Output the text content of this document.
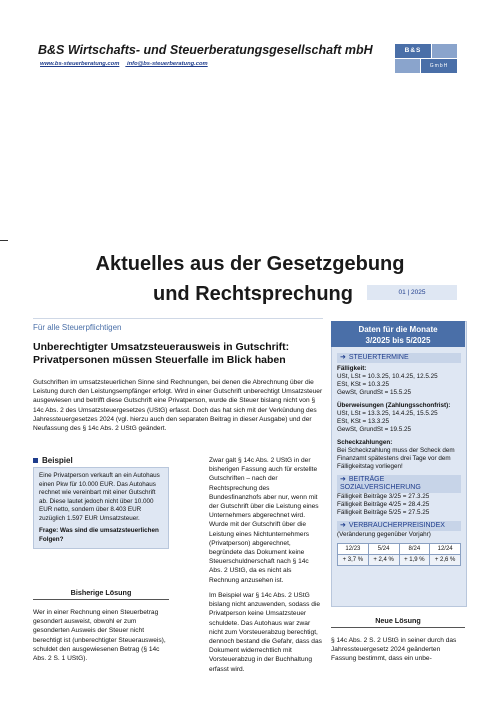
B&S Wirtschafts- und Steuerberatungsgesellschaft mbH
www.bs-steuerberatung.com info@bs-steuerberatung.com
B&S
GmbH
Aktuelles aus der Gesetzgebung
und Rechtsprechung	01 | 2025
Für alle Steuerpflichtigen
Unberechtigter Umsatzsteuerausweis in Gutschrift: Privatpersonen müssen Steuerfalle im Blick haben
Gutschriften im umsatzsteuerlichen Sinne sind Rechnungen, bei denen die Abrechnung über die Leistung durch den Leistungsempfänger erfolgt. Wird in einer Gutschrift unberechtigt Umsatzsteuer ausgewiesen und betrifft diese Gutschrift eine Privatperson, wurde die Steuer bislang nicht von § 14c Abs. 2 des Umsatzsteuergesetzes (UStG) erfasst. Doch das hat sich mit der Verkündung des Jahressteuergesetzes 2024 (vgl. hierzu auch den separaten Beitrag in dieser Ausgabe) und der Neufassung des § 14c Abs. 2 UStG geändert.
Beispiel
Eine Privatperson verkauft an ein Autohaus einen Pkw für 10.000 EUR. Das Autohaus rechnet wie vereinbart mit einer Gutschrift ab. Diese lautet jedoch nicht über 10.000 EUR netto, sondern über 8.403 EUR zuzüglich 1.597 EUR Umsatzsteuer.
Frage: Was sind die umsatzsteuerlichen Folgen?
Bisherige Lösung
Wer in einer Rechnung einen Steuerbetrag gesondert ausweist, obwohl er zum gesonderten Ausweis der Steuer nicht berechtigt ist (unberechtigter Steuerausweis), schuldet den ausgewiesenen Betrag (§ 14c Abs. 2 S. 1 UStG).
Zwar galt § 14c Abs. 2 UStG in der bisherigen Fassung auch für erstellte Gutschriften – nach der Rechtsprechung des Bundesfinanzhofs aber nur, wenn mit der Gutschrift über die Leistung eines Unternehmers abgerechnet wird. Wurde mit der Gutschrift über die Leistung eines Nichtunternehmers (Privatperson) abgerechnet, begründete das Dokument keine Steuerschuldnerschaft nach § 14c Abs. 2 UStG, da es nicht als Rechnung anzusehen ist.
Im Beispiel war § 14c Abs. 2 UStG bislang nicht anzuwenden, sodass die Privatperson keine Umsatzsteuer schuldete. Das Autohaus war zwar nicht zum Vorsteuerabzug berechtigt, dennoch bestand die Gefahr, dass das Dokument widerrechtlich mit Vorsteuerabzug in der Buchhaltung erfasst wird.
Daten für die Monate
3/2025 bis 5/2025
➜ STEUERTERMINE

Fälligkeit:

USt, LSt = 10.3.25, 10.4.25, 12.5.25

ESt, KSt = 10.3.25

GewSt, GrundSt = 15.5.25

Überweisungen (Zahlungsschonfrist):

USt, LSt = 13.3.25, 14.4.25, 15.5.25

ESt, KSt = 13.3.25

GewSt, GrundSt = 19.5.25

Scheckzahlungen:

Bei Scheckzahlung muss der Scheck dem Finanzamt spätestens drei Tage vor dem Fälligkeitstag vorliegen!

➜ BEITRÄGE SOZIALVERSICHERUNG

Fälligkeit Beiträge 3/25 = 27.3.25

Fälligkeit Beiträge 4/25 = 28.4.25

Fälligkeit Beiträge 5/25 = 27.5.25

➜ VERBRAUCHERPREISINDEX

(Veränderung gegenüber Vorjahr)

12/23	5/24	8/24	12/24
+ 3,7 %	+ 2,4 %	+ 1,9 %	+ 2,6 %
Neue Lösung
§ 14c Abs. 2 S. 2 UStG in seiner durch das Jahressteuergesetz 2024 geänderten Fassung bestimmt, dass ein unbe-
